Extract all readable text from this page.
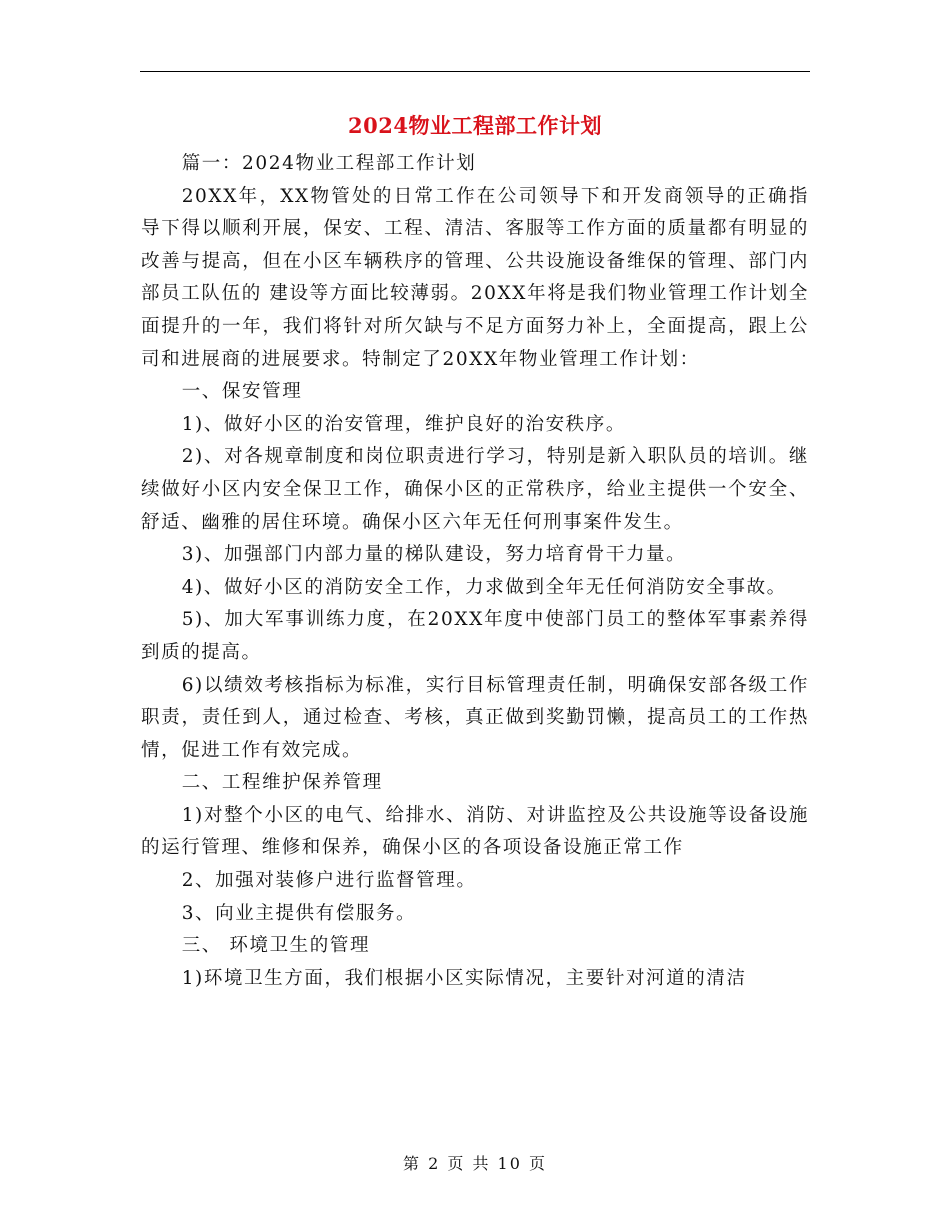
2024物业工程部工作计划

篇一：2024物业工程部工作计划

20XX年，XX物管处的日常工作在公司领导下和开发商领导的正确指导下得以顺利开展，保安、工程、清洁、客服等工作方面的质量都有明显的改善与提高，但在小区车辆秩序的管理、公共设施设备维保的管理、部门内部员工队伍的 建设等方面比较薄弱。20XX年将是我们物业管理工作计划全面提升的一年，我们将针对所欠缺与不足方面努力补上，全面提高，跟上公司和进展商的进展要求。特制定了20XX年物业管理工作计划：

一、保安管理

1)、做好小区的治安管理，维护良好的治安秩序。

2)、对各规章制度和岗位职责进行学习，特别是新入职队员的培训。继续做好小区内安全保卫工作，确保小区的正常秩序，给业主提供一个安全、舒适、幽雅的居住环境。确保小区六年无任何刑事案件发生。

3)、加强部门内部力量的梯队建设，努力培育骨干力量。

4)、做好小区的消防安全工作，力求做到全年无任何消防安全事故。

5)、加大军事训练力度，在20XX年度中使部门员工的整体军事素养得到质的提高。

6)以绩效考核指标为标准，实行目标管理责任制，明确保安部各级工作职责，责任到人，通过检查、考核，真正做到奖勤罚懒，提高员工的工作热情，促进工作有效完成。

二、工程维护保养管理

1)对整个小区的电气、给排水、消防、对讲监控及公共设施等设备设施的运行管理、维修和保养，确保小区的各项设备设施正常工作

2、加强对装修户进行监督管理。

3、向业主提供有偿服务。

三、 环境卫生的管理

1)环境卫生方面，我们根据小区实际情况，主要针对河道的清洁

第 2 页 共 10 页
